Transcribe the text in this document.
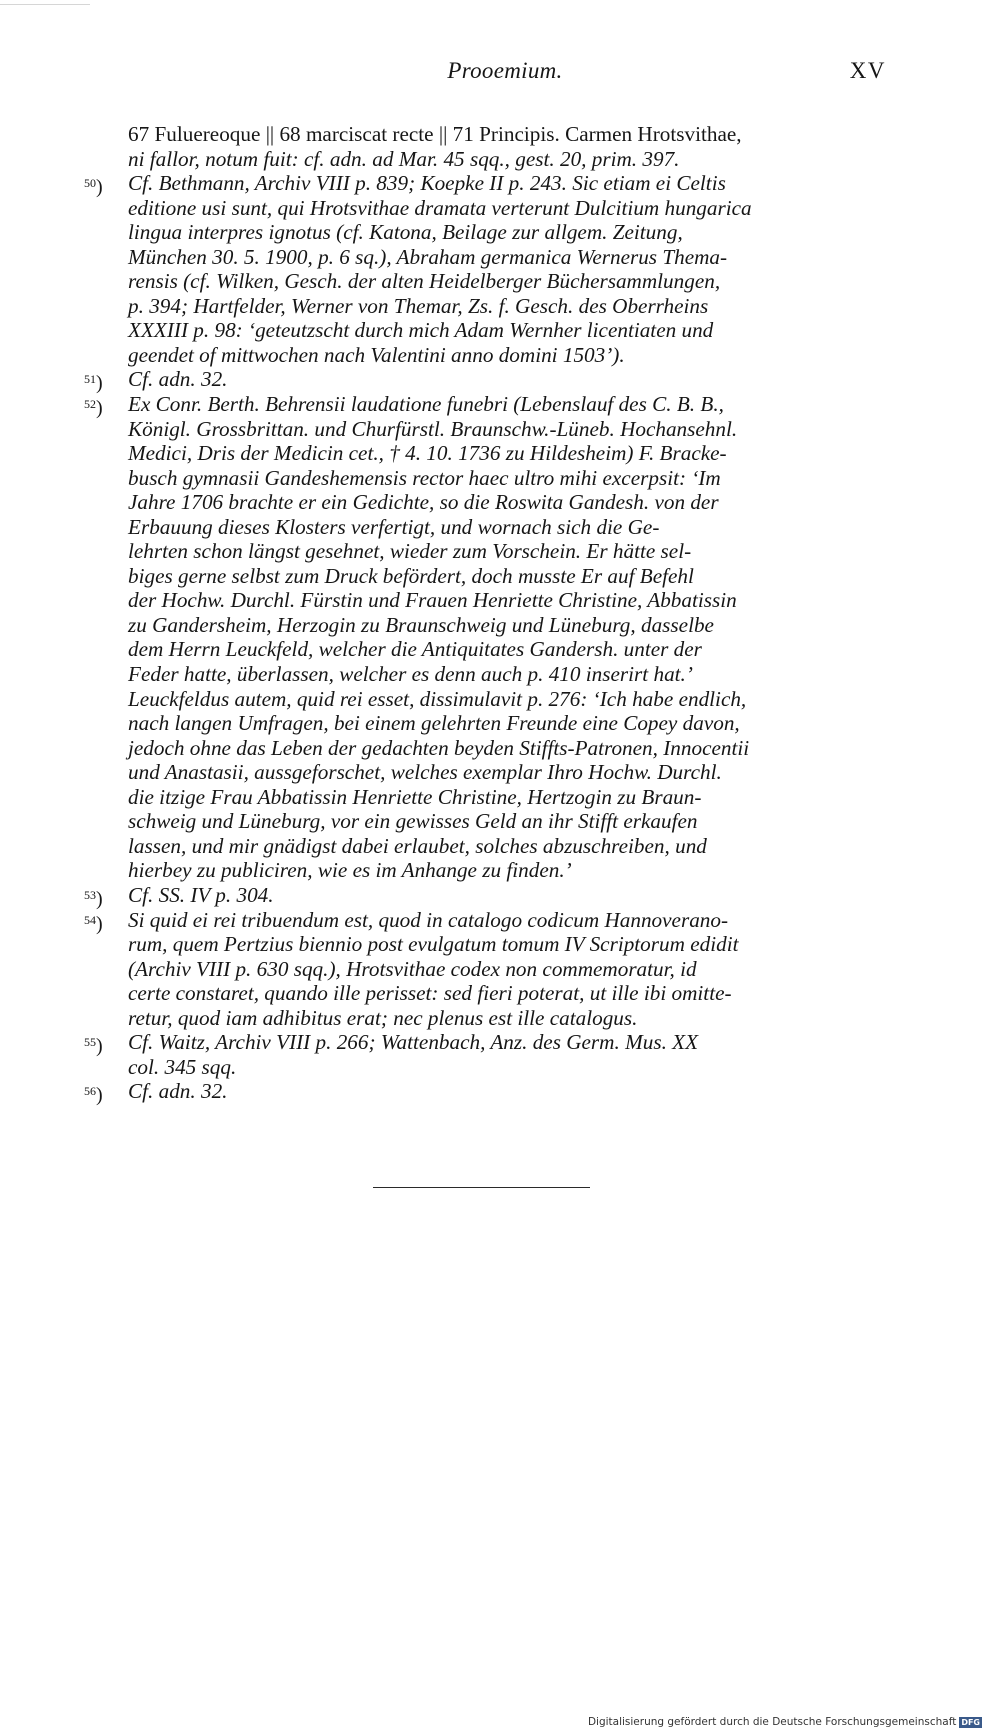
Prooemium.	XV
67 Fuluereoque || 68 marciscat recte || 71 Principis. Carmen Hrotsvithae,
ni fallor, notum fuit: cf. adn. ad Mar. 45 sqq., gest. 20, prim. 397.
$^{50}$) Cf. Bethmann, Archiv VIII p. 839; Koepke II p. 243. Sic etiam ei Celtis
editione usi sunt, qui Hrotsvithae dramata verterunt Dulcitium hungarica
lingua interpres ignotus (cf. Katona, Beilage zur allgem. Zeitung,
München 30. 5. 1900, p. 6 sq.), Abraham germanica Wernerus Thema-
rensis (cf. Wilken, Gesch. der alten Heidelberger Büchersammlungen,
p. 394; Hartfelder, Werner von Themar, Zs. f. Gesch. des Oberrheins
XXXIII p. 98: ‘geteutzscht durch mich Adam Wernher licentiaten und
geendet of mittwochen nach Valentini anno domini 1503’).
$^{51}$) Cf. adn. 32.
$^{52}$) Ex Conr. Berth. Behrensii laudatione funebri (Lebenslauf des C. B. B.,
Königl. Grossbrittan. und Churfürstl. Braunschw.-Lüneb. Hochansehnl.
Medici, Dris der Medicin cet., † 4. 10. 1736 zu Hildesheim) F. Bracke-
busch gymnasii Gandeshemensis rector haec ultro mihi excerpsit: ‘Im
Jahre 1706 brachte er ein Gedichte, so die Roswita Gandesh. von der
Erbauung dieses Klosters verfertigt, und wornach sich die Ge-
lehrten schon längst gesehnet, wieder zum Vorschein. Er hätte sel-
biges gerne selbst zum Druck befördert, doch musste Er auf Befehl
der Hochw. Durchl. Fürstin und Frauen Henriette Christine, Abbatissin
zu Gandersheim, Herzogin zu Braunschweig und Lüneburg, dasselbe
dem Herrn Leuckfeld, welcher die Antiquitates Gandersh. unter der
Feder hatte, überlassen, welcher es denn auch p. 410 inserirt hat.’
Leuckfeldus autem, quid rei esset, dissimulavit p. 276: ‘Ich habe endlich,
nach langen Umfragen, bei einem gelehrten Freunde eine Copey davon,
jedoch ohne das Leben der gedachten beyden Stiffts-Patronen, Innocentii
und Anastasii, aussgeforschet, welches exemplar Ihro Hochw. Durchl.
die itzige Frau Abbatissin Henriette Christine, Hertzogin zu Braun-
schweig und Lüneburg, vor ein gewisses Geld an ihr Stifft erkaufen
lassen, und mir gnädigst dabei erlaubet, solches abzuschreiben, und
hierbey zu publiciren, wie es im Anhange zu finden.’
$^{53}$) Cf. SS. IV p. 304.
$^{54}$) Si quid ei rei tribuendum est, quod in catalogo codicum Hannoverano-
rum, quem Pertzius biennio post evulgatum tomum IV Scriptorum edidit
(Archiv VIII p. 630 sqq.), Hrotsvithae codex non commemoratur, id
certe constaret, quando ille perisset: sed fieri poterat, ut ille ibi omitte-
retur, quod iam adhibitus erat; nec plenus est ille catalogus.
$^{55}$) Cf. Waitz, Archiv VIII p. 266; Wattenbach, Anz. des Germ. Mus. XX
col. 345 sqq.
$^{56}$) Cf. adn. 32.
Digitalisierung gefördert durch die Deutsche Forschungsgemeinschaft DFG
